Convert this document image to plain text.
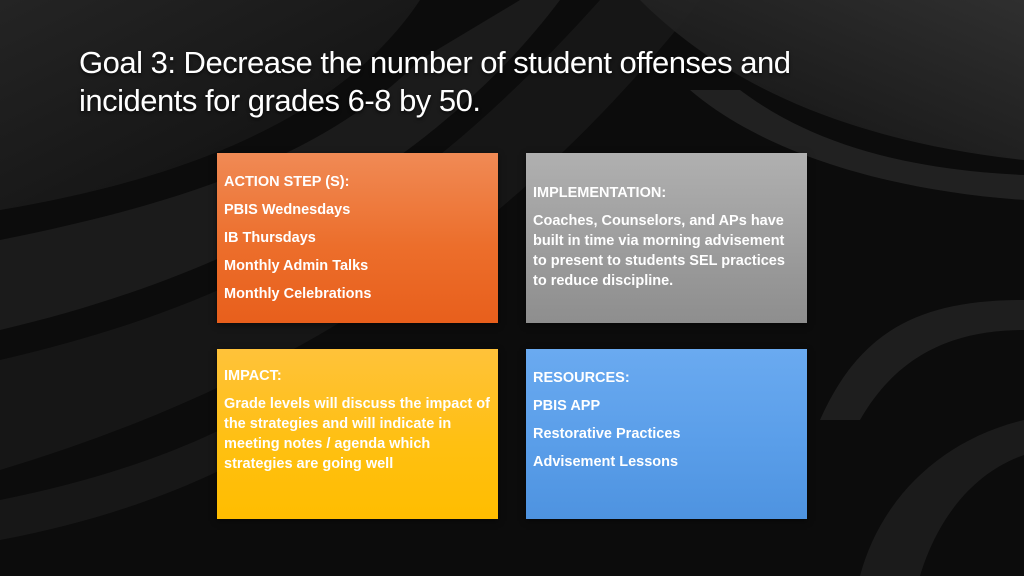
Goal 3: Decrease the number of student offenses and
incidents for grades 6-8 by 50.
ACTION STEP (S):
PBIS Wednesdays
IB Thursdays
Monthly Admin Talks
Monthly Celebrations
IMPLEMENTATION:
Coaches, Counselors, and APs have built in time via morning advisement to present to students SEL practices to reduce discipline.
IMPACT:
Grade levels will discuss the impact of the strategies and will indicate in meeting notes / agenda which strategies are going well
RESOURCES:
PBIS APP
Restorative Practices
Advisement Lessons
